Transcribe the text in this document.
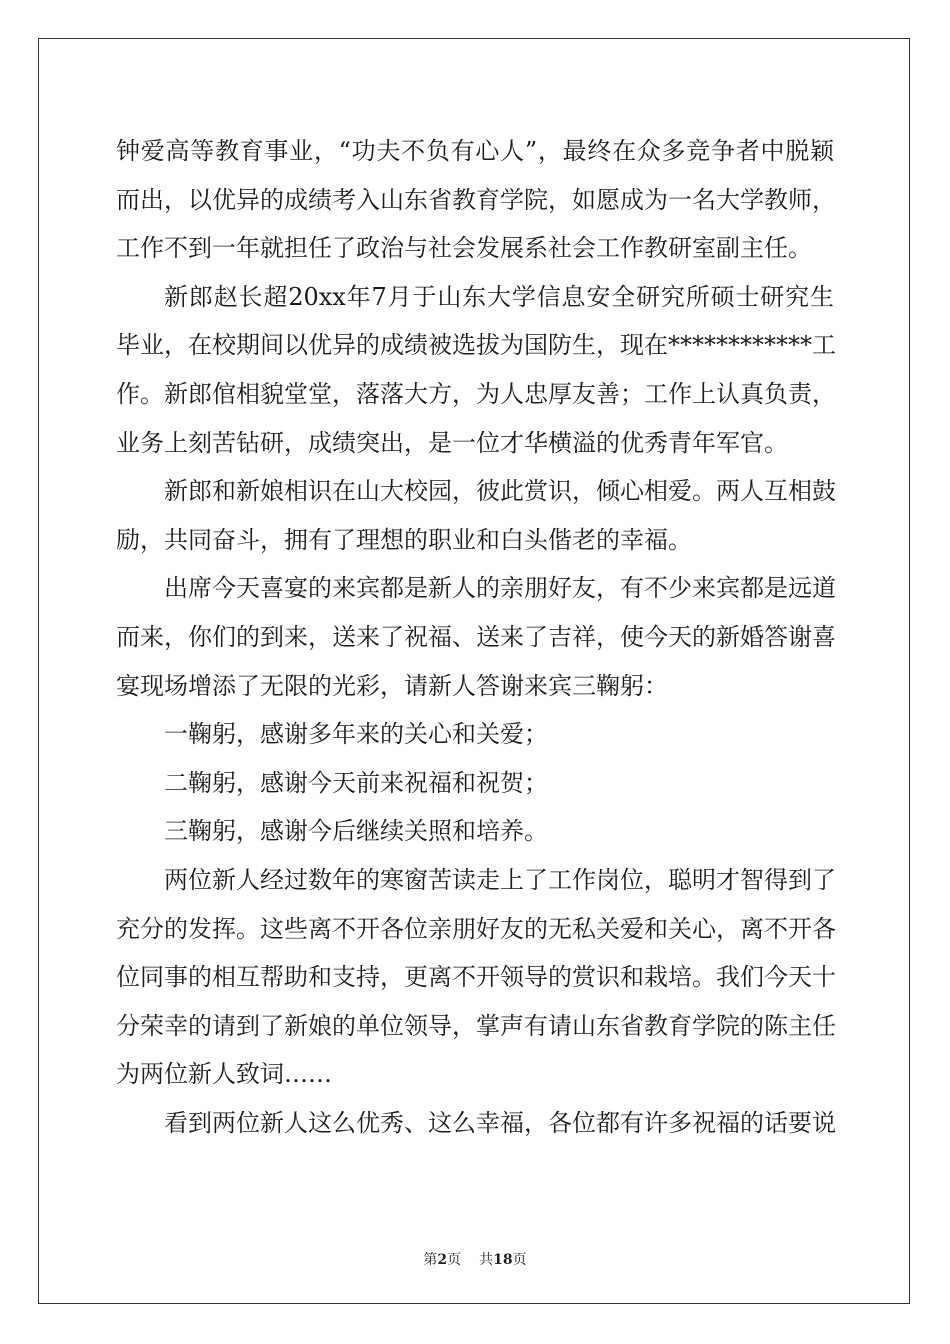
钟爱高等教育事业，“功夫不负有心人”，最终在众多竞争者中脱颖
而出，以优异的成绩考入山东省教育学院，如愿成为一名大学教师，
工作不到一年就担任了政治与社会发展系社会工作教研室副主任。
新郎赵长超20xx年7月于山东大学信息安全研究所硕士研究生
毕业，在校期间以优异的成绩被选拔为国防生，现在************工
作。新郎倌相貌堂堂，落落大方，为人忠厚友善；工作上认真负责，
业务上刻苦钻研，成绩突出，是一位才华横溢的优秀青年军官。
新郎和新娘相识在山大校园，彼此赏识，倾心相爱。两人互相鼓
励，共同奋斗，拥有了理想的职业和白头偕老的幸福。
出席今天喜宴的来宾都是新人的亲朋好友，有不少来宾都是远道
而来，你们的到来，送来了祝福、送来了吉祥，使今天的新婚答谢喜
宴现场增添了无限的光彩，请新人答谢来宾三鞠躬：
一鞠躬，感谢多年来的关心和关爱；
二鞠躬，感谢今天前来祝福和祝贺；
三鞠躬，感谢今后继续关照和培养。
两位新人经过数年的寒窗苦读走上了工作岗位，聪明才智得到了
充分的发挥。这些离不开各位亲朋好友的无私关爱和关心，离不开各
位同事的相互帮助和支持，更离不开领导的赏识和栽培。我们今天十
分荣幸的请到了新娘的单位领导，掌声有请山东省教育学院的陈主任
为两位新人致词……
看到两位新人这么优秀、这么幸福，各位都有许多祝福的话要说
第2页 共18页
